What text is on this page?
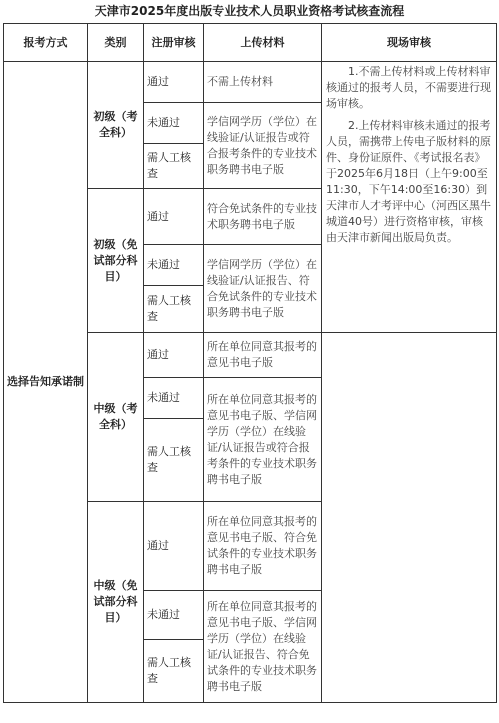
天津市2025年度出版专业技术人员职业资格考试核查流程
报考方式	类别	注册审核	上传材料	现场审核
选择告知承诺制	初级（考全科）	通过	不需上传材料	1.不需上传材料或上传材料审核通过的报考人员，不需要进行现场审核。

2.上传材料审核未通过的报考人员，需携带上传电子版材料的原件、身份证原件、《考试报名表》于2025年6月18日（上午9:00至11:30，下午14:00至16:30）到天津市人才考评中心（河西区黑牛城道40号）进行资格审核，审核由天津市新闻出版局负责。

		未通过	学信网学历（学位）在线验证/认证报告或符合报考条件的专业技术职务聘书电子版	
		需人工核查		
	初级（免试部分科目）	通过	符合免试条件的专业技术职务聘书电子版	
		未通过	学信网学历（学位）在线验证/认证报告、符合免试条件的专业技术职务聘书电子版	
		需人工核查		
	中级（考全科）	通过	所在单位同意其报考的意见书电子版	
		未通过	所在单位同意其报考的意见书电子版、学信网学历（学位）在线验证/认证报告或符合报考条件的专业技术职务聘书电子版	
		需人工核查		
	中级（免试部分科目）	通过	所在单位同意其报考的意见书电子版、符合免试条件的专业技术职务聘书电子版	
		未通过	所在单位同意其报考的意见书电子版、学信网学历（学位）在线验证/认证报告、符合免试条件的专业技术职务聘书电子版	
		需人工核查		
